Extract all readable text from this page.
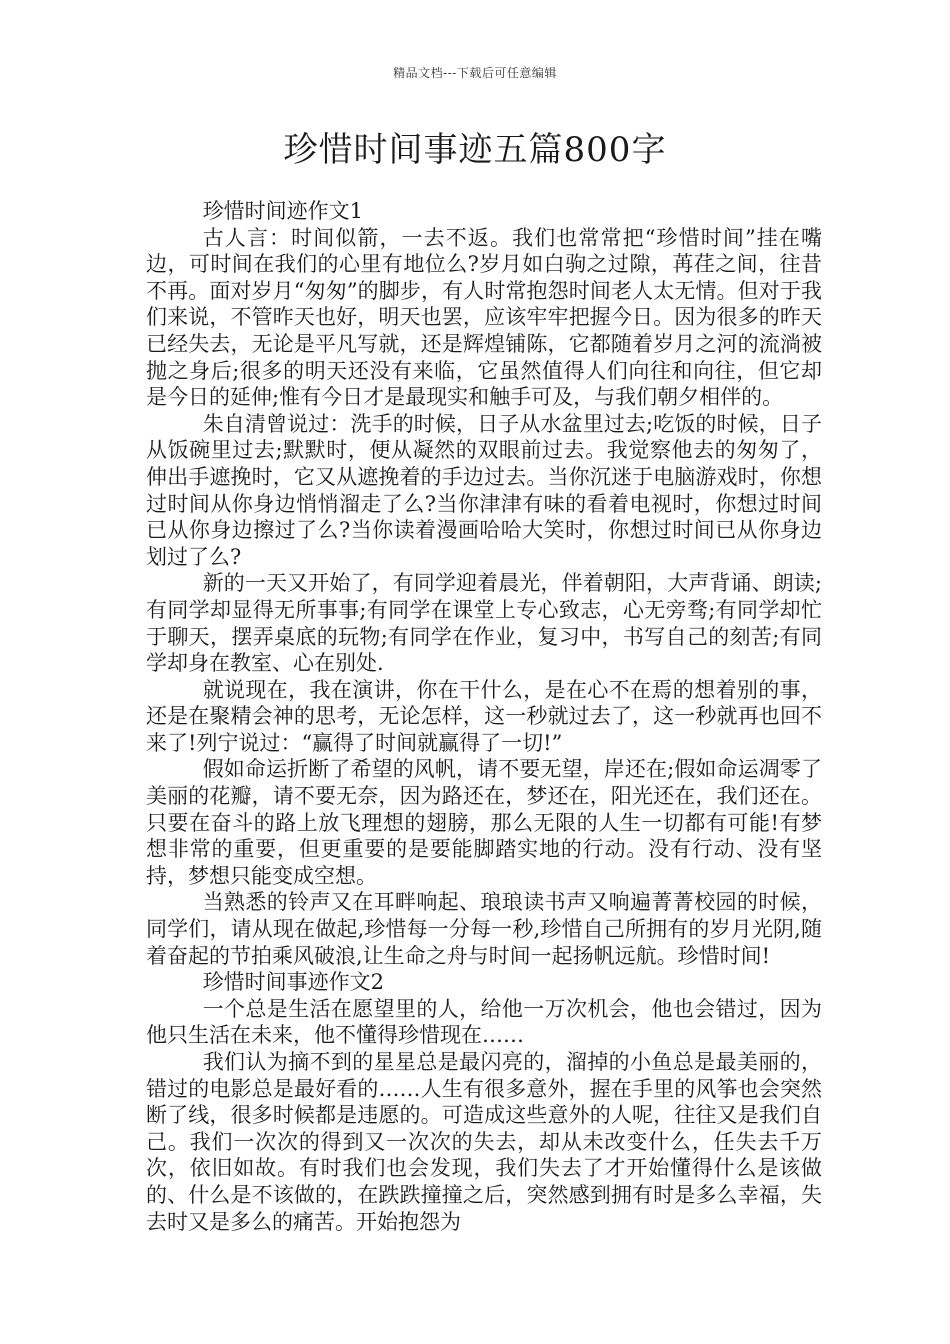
精品文档---下载后可任意编辑
珍惜时间事迹五篇800字

珍惜时间迹作文1

古人言：时间似箭，一去不返。我们也常常把“珍惜时间”挂在嘴边，可时间在我们的心里有地位么?岁月如白驹之过隙，苒荏之间，往昔不再。面对岁月“匆匆”的脚步，有人时常抱怨时间老人太无情。但对于我们来说，不管昨天也好，明天也罢，应该牢牢把握今日。因为很多的昨天已经失去，无论是平凡写就，还是辉煌铺陈，它都随着岁月之河的流淌被抛之身后;很多的明天还没有来临，它虽然值得人们向往和向往，但它却是今日的延伸;惟有今日才是最现实和触手可及，与我们朝夕相伴的。

朱自清曾说过：洗手的时候，日子从水盆里过去;吃饭的时候，日子从饭碗里过去;默默时，便从凝然的双眼前过去。我觉察他去的匆匆了，伸出手遮挽时，它又从遮挽着的手边过去。当你沉迷于电脑游戏时，你想过时间从你身边悄悄溜走了么?当你津津有味的看着电视时，你想过时间已从你身边擦过了么?当你读着漫画哈哈大笑时，你想过时间已从你身边划过了么?

新的一天又开始了，有同学迎着晨光，伴着朝阳，大声背诵、朗读;有同学却显得无所事事;有同学在课堂上专心致志，心无旁骛;有同学却忙于聊天，摆弄桌底的玩物;有同学在作业，复习中，书写自己的刻苦;有同学却身在教室、心在别处.

就说现在，我在演讲，你在干什么，是在心不在焉的想着别的事，还是在聚精会神的思考，无论怎样，这一秒就过去了，这一秒就再也回不来了!列宁说过：“赢得了时间就赢得了一切!”

假如命运折断了希望的风帆，请不要无望，岸还在;假如命运凋零了美丽的花瓣，请不要无奈，因为路还在，梦还在，阳光还在，我们还在。只要在奋斗的路上放飞理想的翅膀，那么无限的人生一切都有可能!有梦想非常的重要，但更重要的是要能脚踏实地的行动。没有行动、没有坚持，梦想只能变成空想。

当熟悉的铃声又在耳畔响起、琅琅读书声又响遍菁菁校园的时候，同学们，请从现在做起,珍惜每一分每一秒,珍惜自己所拥有的岁月光阴,随着奋起的节拍乘风破浪,让生命之舟与时间一起扬帆远航。珍惜时间!

珍惜时间事迹作文2

一个总是生活在愿望里的人，给他一万次机会，他也会错过，因为他只生活在未来，他不懂得珍惜现在……

我们认为摘不到的星星总是最闪亮的，溜掉的小鱼总是最美丽的，错过的电影总是最好看的……人生有很多意外，握在手里的风筝也会突然断了线，很多时候都是违愿的。可造成这些意外的人呢，往往又是我们自己。我们一次次的得到又一次次的失去，却从未改变什么，任失去千万次，依旧如故。有时我们也会发现，我们失去了才开始懂得什么是该做的、什么是不该做的，在跌跌撞撞之后，突然感到拥有时是多么幸福，失去时又是多么的痛苦。开始抱怨为
